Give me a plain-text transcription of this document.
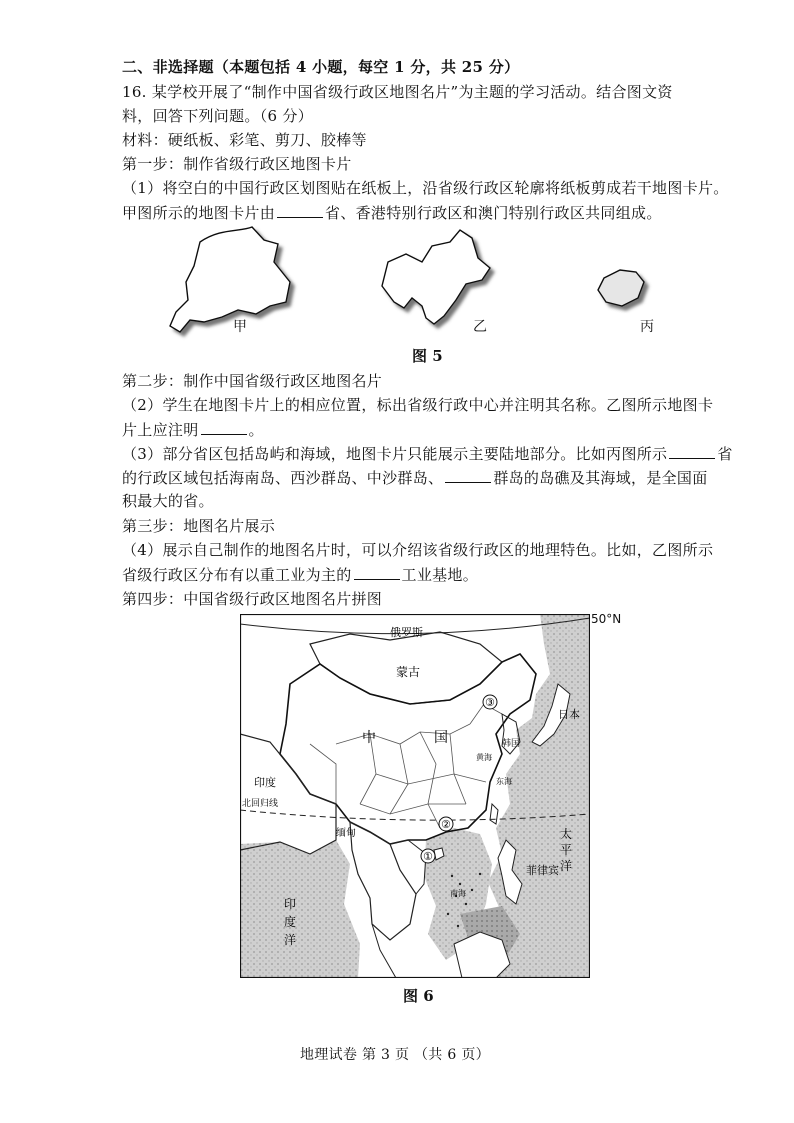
二、非选择题（本题包括 4 小题，每空 1 分，共 25 分）
16. 某学校开展了“制作中国省级行政区地图名片”为主题的学习活动。结合图文资
料，回答下列问题。（6 分）
材料：硬纸板、彩笔、剪刀、胶棒等
第一步：制作省级行政区地图卡片
（1）将空白的中国行政区划图贴在纸板上，沿省级行政区轮廓将纸板剪成若干地图卡片。
甲图所示的地图卡片由	省、香港特别行政区和澳门特别行政区共同组成。
甲	乙	丙
图 5
第二步：制作中国省级行政区地图名片
（2）学生在地图卡片上的相应位置，标出省级行政中心并注明其名称。乙图所示地图卡
片上应注明	。
（3）部分省区包括岛屿和海域，地图卡片只能展示主要陆地部分。比如丙图所示	省
的行政区域包括海南岛、西沙群岛、中沙群岛、	群岛的岛礁及其海域，是全国面
积最大的省。
第三步：地图名片展示
（4）展示自己制作的地图名片时，可以介绍该省级行政区的地理特色。比如，乙图所示
省级行政区分布有以重工业为主的	工业基地。
第四步：中国省级行政区地图名片拼图
①
②
③
俄罗斯
蒙古
中	国
印度
北回归线
缅甸
印
度
洋
太
平
洋
菲律宾
日本
韩国
黄海
东海
南海
50°N
图 6
地理试卷 第 3 页 （共 6 页）
